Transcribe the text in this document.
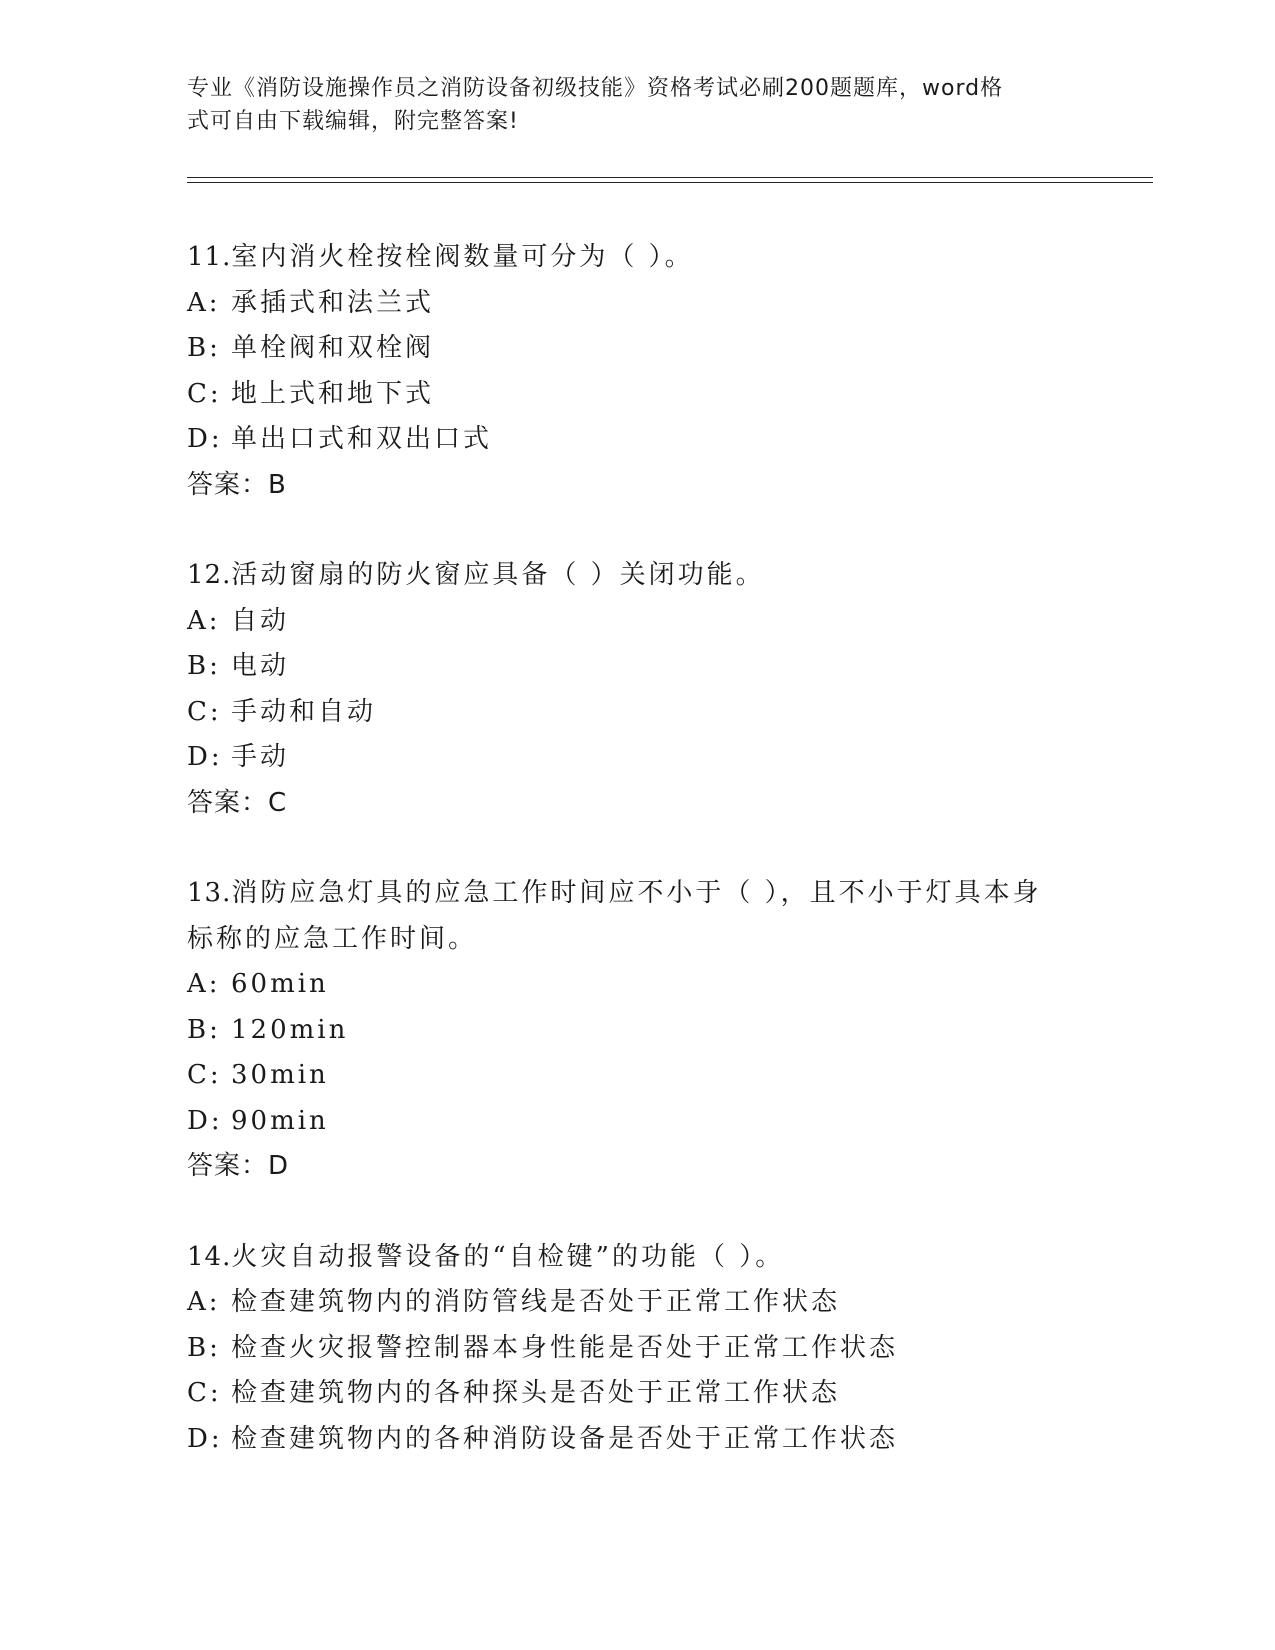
专业《消防设施操作员之消防设备初级技能》资格考试必刷200题题库，word格
式可自由下载编辑，附完整答案!
11.室内消火栓按栓阀数量可分为（ ）。
A: 承插式和法兰式
B: 单栓阀和双栓阀
C: 地上式和地下式
D: 单出口式和双出口式
答案：B
12.活动窗扇的防火窗应具备（ ）关闭功能。
A: 自动
B: 电动
C: 手动和自动
D: 手动
答案：C
13.消防应急灯具的应急工作时间应不小于（ ），且不小于灯具本身
标称的应急工作时间。
A: 60min
B: 120min
C: 30min
D: 90min
答案：D
14.火灾自动报警设备的“自检键”的功能（ ）。
A: 检查建筑物内的消防管线是否处于正常工作状态
B: 检查火灾报警控制器本身性能是否处于正常工作状态
C: 检查建筑物内的各种探头是否处于正常工作状态
D: 检查建筑物内的各种消防设备是否处于正常工作状态
